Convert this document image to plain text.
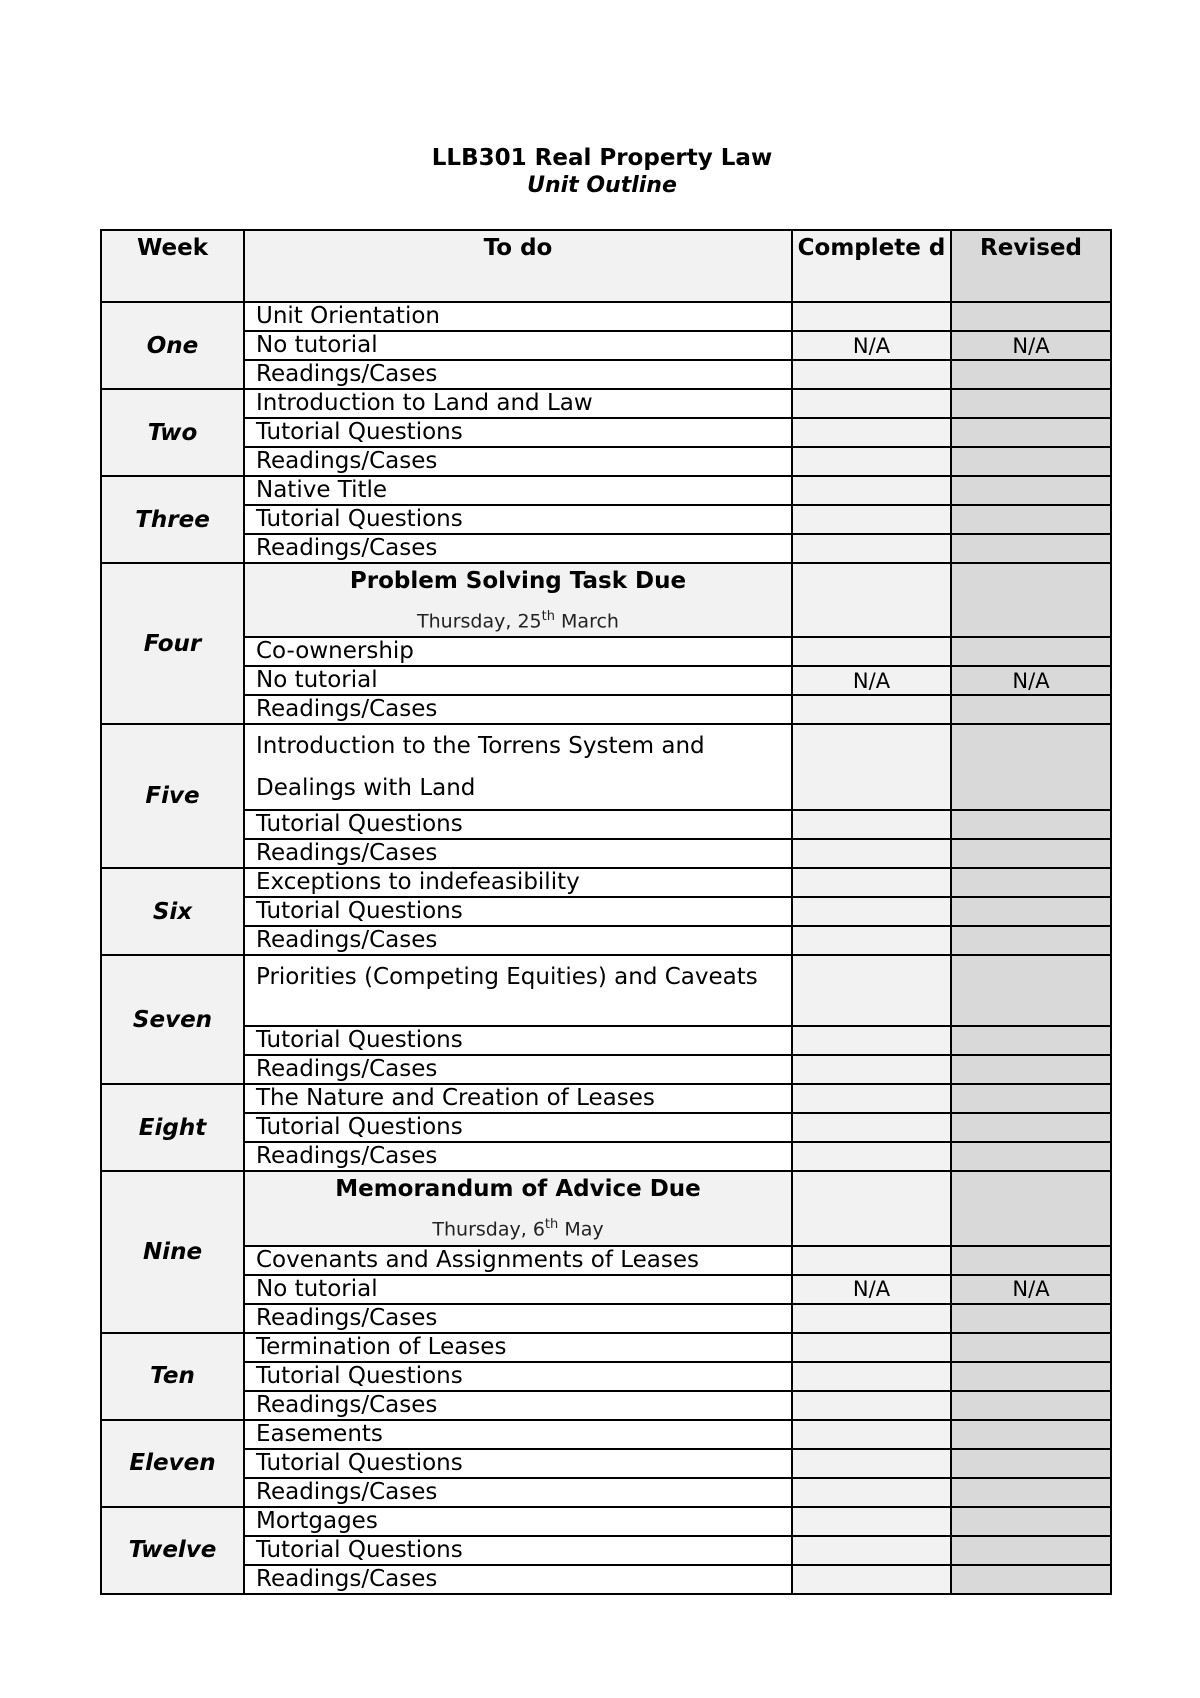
LLB301 Real Property Law
Unit Outline
Week	To do	Complete d	Revised
One	Unit Orientation		
	No tutorial	N/A	N/A
	Readings/Cases		
Two	Introduction to Land and Law		
	Tutorial Questions		
	Readings/Cases		
Three	Native Title		
	Tutorial Questions		
	Readings/Cases		
Four	Problem Solving Task Due
Thursday, 25th March		

	Co-ownership		
	No tutorial	N/A	N/A
	Readings/Cases		
Five	Introduction to the Torrens System and Dealings with Land		
	Tutorial Questions		
	Readings/Cases		
Six	Exceptions to indefeasibility		
	Tutorial Questions		
	Readings/Cases		
Seven	Priorities (Competing Equities) and Caveats		
	Tutorial Questions		
	Readings/Cases		
Eight	The Nature and Creation of Leases		
	Tutorial Questions		
	Readings/Cases		
Nine	Memorandum of Advice Due
Thursday, 6th May		

	Covenants and Assignments of Leases		
	No tutorial	N/A	N/A
	Readings/Cases		
Ten	Termination of Leases		
	Tutorial Questions		
	Readings/Cases		
Eleven	Easements		
	Tutorial Questions		
	Readings/Cases		
Twelve	Mortgages		
	Tutorial Questions		
	Readings/Cases		
